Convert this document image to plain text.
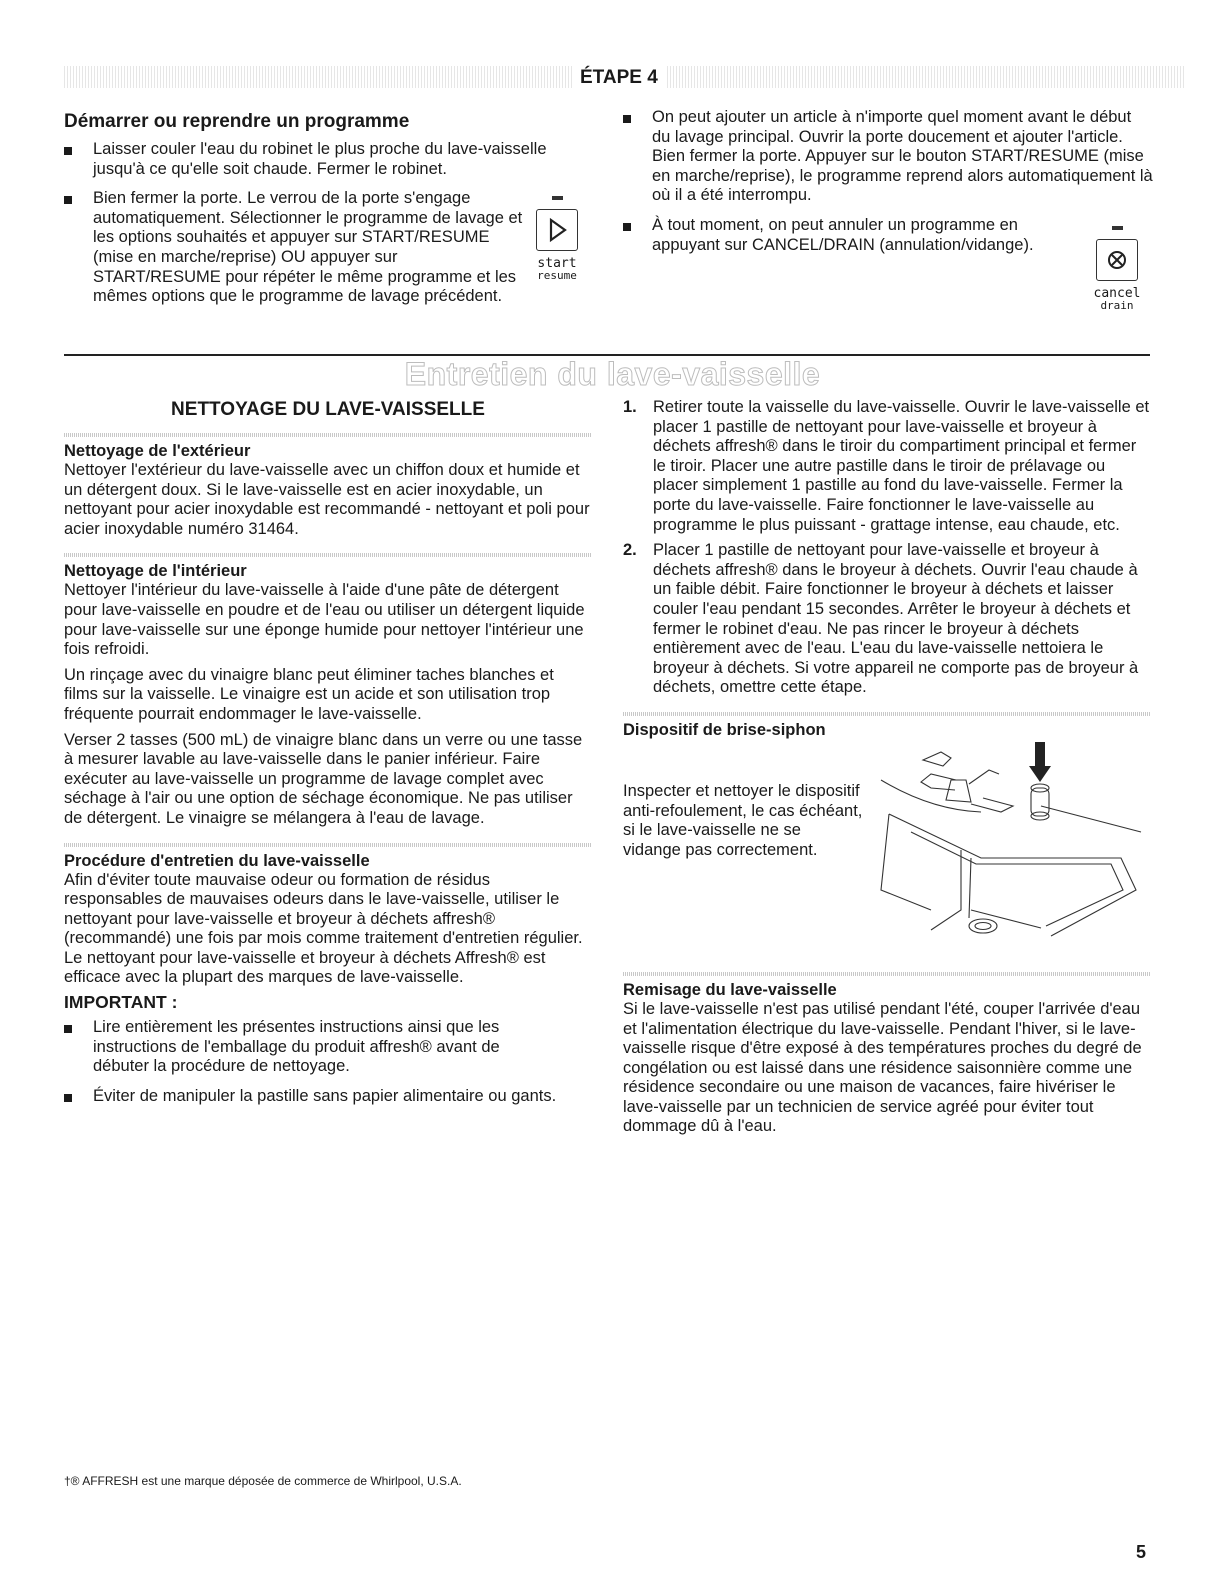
ÉTAPE 4
Démarrer ou reprendre un programme
Laisser couler l'eau du robinet le plus proche du lave-vaisselle jusqu'à ce qu'elle soit chaude. Fermer le robinet.
Bien fermer la porte. Le verrou de la porte s'engage automatiquement. Sélectionner le programme de lavage et les options souhaités et appuyer sur START/RESUME (mise en marche/reprise) OU appuyer sur START/RESUME pour répéter le même programme et les mêmes options que le programme de lavage précédent.
start
resume
On peut ajouter un article à n'importe quel moment avant le début du lavage principal. Ouvrir la porte doucement et ajouter l'article. Bien fermer la porte. Appuyer sur le bouton START/RESUME (mise en marche/reprise), le programme reprend alors automatiquement là où il a été interrompu.
À tout moment, on peut annuler un programme en appuyant sur CANCEL/DRAIN (annulation/vidange).
cancel
drain
Entretien du lave-vaisselle
NETTOYAGE DU LAVE-VAISSELLE
Nettoyage de l'extérieur

Nettoyer l'extérieur du lave-vaisselle avec un chiffon doux et humide et un détergent doux. Si le lave-vaisselle est en acier inoxydable, un nettoyant pour acier inoxydable est recommandé - nettoyant et poli pour acier inoxydable numéro 31464.

Nettoyage de l'intérieur

Nettoyer l'intérieur du lave-vaisselle à l'aide d'une pâte de détergent pour lave-vaisselle en poudre et de l'eau ou utiliser un détergent liquide pour lave-vaisselle sur une éponge humide pour nettoyer l'intérieur une fois refroidi.

Un rinçage avec du vinaigre blanc peut éliminer taches blanches et films sur la vaisselle. Le vinaigre est un acide et son utilisation trop fréquente pourrait endommager le lave-vaisselle.

Verser 2 tasses (500 mL) de vinaigre blanc dans un verre ou une tasse à mesurer lavable au lave-vaisselle dans le panier inférieur. Faire exécuter au lave-vaisselle un programme de lavage complet avec séchage à l'air ou une option de séchage économique. Ne pas utiliser de détergent. Le vinaigre se mélangera à l'eau de lavage.

Procédure d'entretien du lave-vaisselle

Afin d'éviter toute mauvaise odeur ou formation de résidus responsables de mauvaises odeurs dans le lave-vaisselle, utiliser le nettoyant pour lave-vaisselle et broyeur à déchets affresh® (recommandé) une fois par mois comme traitement d'entretien régulier. Le nettoyant pour lave-vaisselle et broyeur à déchets Affresh® est efficace avec la plupart des marques de lave-vaisselle.

IMPORTANT :
Lire entièrement les présentes instructions ainsi que les instructions de l'emballage du produit affresh® avant de débuter la procédure de nettoyage.
Éviter de manipuler la pastille sans papier alimentaire ou gants.
1. Retirer toute la vaisselle du lave-vaisselle. Ouvrir le lave-vaisselle et placer 1 pastille de nettoyant pour lave-vaisselle et broyeur à déchets affresh® dans le tiroir du compartiment principal et fermer le tiroir. Placer une autre pastille dans le tiroir de prélavage ou placer simplement 1 pastille au fond du lave-vaisselle. Fermer la porte du lave-vaisselle. Faire fonctionner le lave-vaisselle au programme le plus puissant - grattage intense, eau chaude, etc.
2. Placer 1 pastille de nettoyant pour lave-vaisselle et broyeur à déchets affresh® dans le broyeur à déchets. Ouvrir l'eau chaude à un faible débit. Faire fonctionner le broyeur à déchets et laisser couler l'eau pendant 15 secondes. Arrêter le broyeur à déchets et fermer le robinet d'eau. Ne pas rincer le broyeur à déchets entièrement avec de l'eau. L'eau du lave-vaisselle nettoiera le broyeur à déchets. Si votre appareil ne comporte pas de broyeur à déchets, omettre cette étape.
Dispositif de brise-siphon

Inspecter et nettoyer le dispositif anti-refoulement, le cas échéant, si le lave-vaisselle ne se vidange pas correctement.

Remisage du lave-vaisselle

Si le lave-vaisselle n'est pas utilisé pendant l'été, couper l'arrivée d'eau et l'alimentation électrique du lave-vaisselle. Pendant l'hiver, si le lave-vaisselle risque d'être exposé à des températures proches du degré de congélation ou est laissé dans une résidence saisonnière comme une résidence secondaire ou une maison de vacances, faire hivériser le lave-vaisselle par un technicien de service agréé pour éviter tout dommage dû à l'eau.

†® AFFRESH est une marque déposée de commerce de Whirlpool, U.S.A.
5
